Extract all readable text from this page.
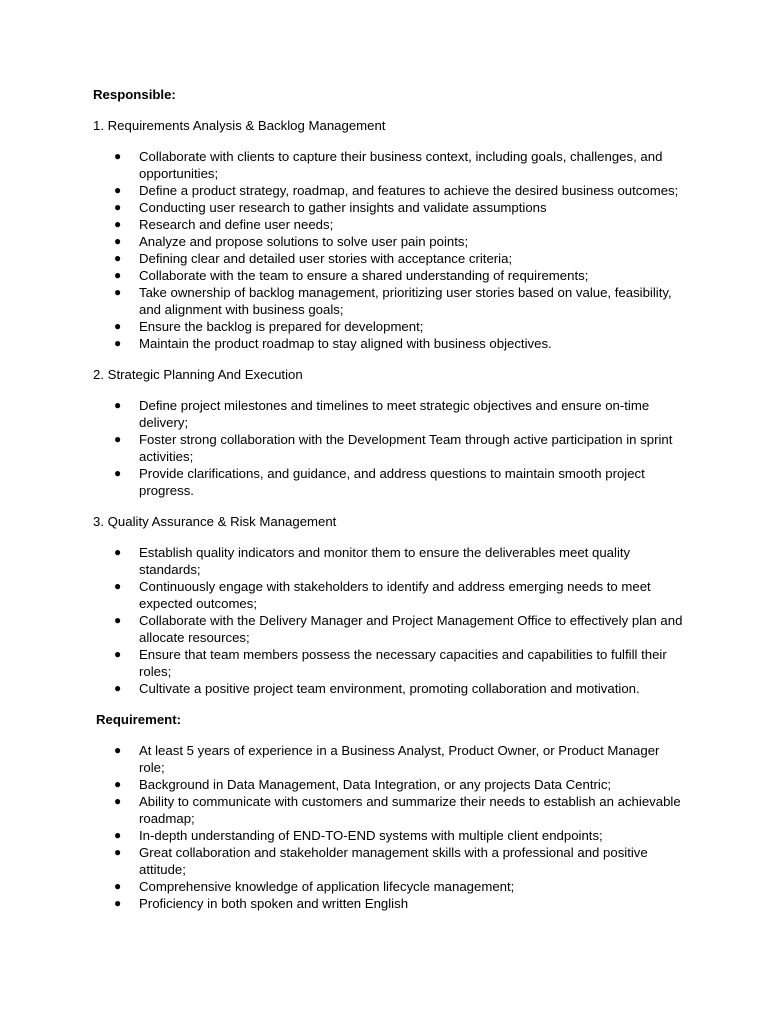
Responsible:

1. Requirements Analysis & Backlog Management

● Collaborate with clients to capture their business context, including goals, challenges, and opportunities;
● Define a product strategy, roadmap, and features to achieve the desired business outcomes;
● Conducting user research to gather insights and validate assumptions
● Research and define user needs;
● Analyze and propose solutions to solve user pain points;
● Defining clear and detailed user stories with acceptance criteria;
● Collaborate with the team to ensure a shared understanding of requirements;
● Take ownership of backlog management, prioritizing user stories based on value, feasibility, and alignment with business goals;
● Ensure the backlog is prepared for development;
● Maintain the product roadmap to stay aligned with business objectives.

2. Strategic Planning And Execution

● Define project milestones and timelines to meet strategic objectives and ensure on-time delivery;
● Foster strong collaboration with the Development Team through active participation in sprint activities;
● Provide clarifications, and guidance, and address questions to maintain smooth project progress.

3. Quality Assurance & Risk Management

● Establish quality indicators and monitor them to ensure the deliverables meet quality standards;
● Continuously engage with stakeholders to identify and address emerging needs to meet expected outcomes;
● Collaborate with the Delivery Manager and Project Management Office to effectively plan and allocate resources;
● Ensure that team members possess the necessary capacities and capabilities to fulfill their roles;
● Cultivate a positive project team environment, promoting collaboration and motivation.

Requirement:

● At least 5 years of experience in a Business Analyst, Product Owner, or Product Manager role;
● Background in Data Management, Data Integration, or any projects Data Centric;
● Ability to communicate with customers and summarize their needs to establish an achievable roadmap;
● In-depth understanding of END-TO-END systems with multiple client endpoints;
● Great collaboration and stakeholder management skills with a professional and positive attitude;
● Comprehensive knowledge of application lifecycle management;
● Proficiency in both spoken and written English
